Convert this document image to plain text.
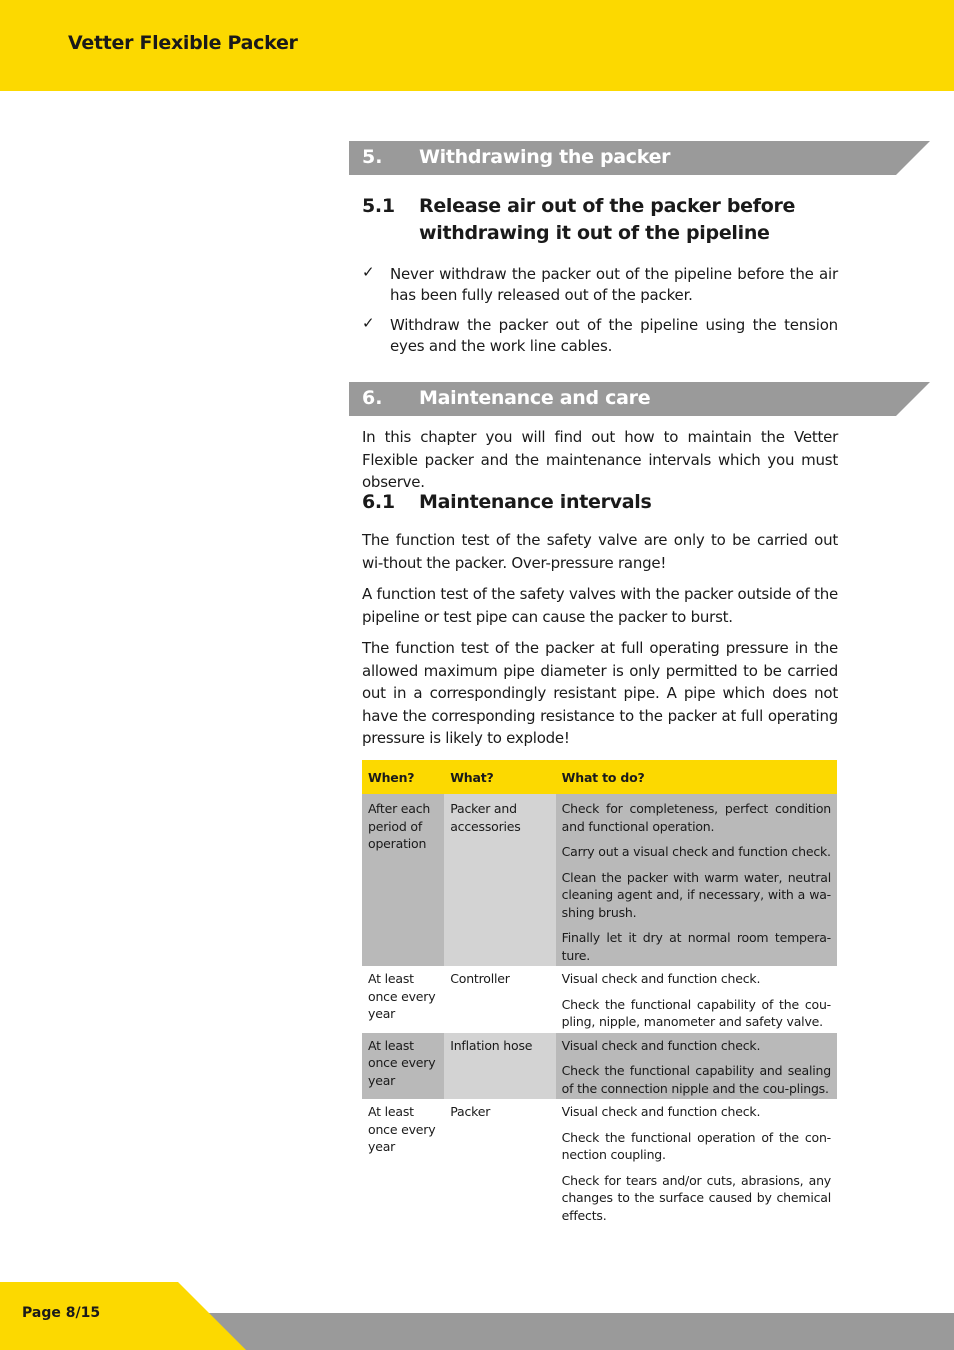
Vetter Flexible Packer
5. Withdrawing the packer
5.1 Release air out of the packer before
withdrawing it out of the pipeline
✓ Never withdraw the packer out of the pipeline before the air has been fully released out of the packer.
✓ Withdraw the packer out of the pipeline using the tension eyes and the work line cables.
6. Maintenance and care
In this chapter you will find out how to maintain the Vetter Flexible packer and the maintenance intervals which you must observe.
6.1 Maintenance intervals
The function test of the safety valve are only to be carried out wi-thout the packer. Over-pressure range!
A function test of the safety valves with the packer outside of the pipeline or test pipe can cause the packer to burst.
The function test of the packer at full operating pressure in the allowed maximum pipe diameter is only permitted to be carried out in a correspondingly resistant pipe. A pipe which does not have the corresponding resistance to the packer at full operating pressure is likely to explode!
When?	What?	What to do?
After each period of operation	Packer and accessories	Check for completeness, perfect condition and functional operation.
Carry out a visual check and function check.
Clean the packer with warm water, neutral cleaning agent and, if necessary, with a wa-shing brush.
Finally let it dry at normal room tempera-ture.

At least once every year	Controller	Visual check and function check.
Check the functional capability of the cou-pling, nipple, manometer and safety valve.

At least once every year	Inflation hose	Visual check and function check.
Check the functional capability and sealing of the connection nipple and the cou-plings.

At least once every year	Packer	Visual check and function check.
Check the functional operation of the con-nection coupling.
Check for tears and/or cuts, abrasions, any changes to the surface caused by chemical effects.
Page 8/15
